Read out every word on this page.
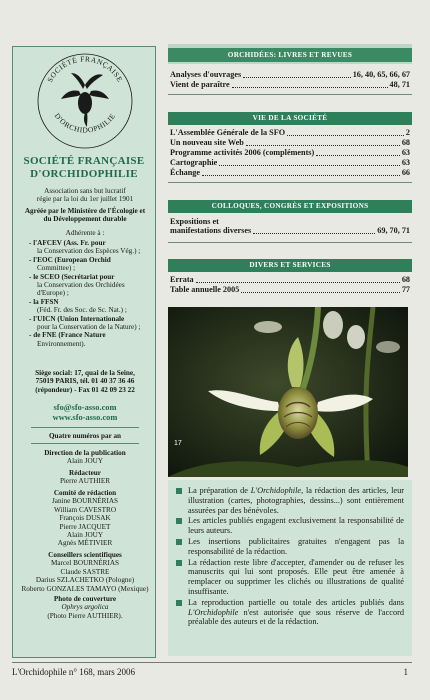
SOCIÉTÉ FRANÇAISE
D'ORCHIDOPHILIE
SOCIÉTÉ FRANÇAISE
D'ORCHIDOPHILIE
Association sans but lucratif
régie par la loi du 1er juillet 1901
Agréée par le Ministère de l'Écologie et
du Développement durable
Adhérente à :
- l'AFCEV (Ass. Fr. pour
la Conservation des Espèces Vég.) ;
- l'EOC (European Orchid
Committee) ;
- le SCEO (Secrétariat pour
la Conservation des Orchidées
d'Europe) ;
- la FFSN
(Féd. Fr. des Soc. de Sc. Nat.) ;
- l'UICN (Union Internationale
pour la Conservation de la Nature) ;
- de FNE (France Nature
Environnement).
Siège social: 17, quai de la Seine,
75019 PARIS, tél. 01 40 37 36 46
(répondeur) - Fax 01 42 09 23 22
sfo@sfo-asso.com
www.sfo-asso.com
Quatre numéros par an
Direction de la publication
Alain JOUY
Rédacteur
Pierre AUTHIER
Comité de rédaction
Janine BOURNÉRIAS
William CAVESTRO
François DUSAK
Pierre JACQUET
Alain JOUY
Agnès MÉTIVIER
Conseillers scientifiques
Marcel BOURNÉRIAS
Claude SASTRE
Darius SZLACHETKO (Pologne)
Roberto GONZALES TAMAYO (Mexique)
Photo de couverture
Ophrys argolica
(Photo Pierre AUTHIER).
ORCHIDÉES: LIVRES ET REVUES
Analyses d'ouvrages	16, 40, 65, 66, 67
Vient de paraître	48, 71
VIE DE LA SOCIÉTÉ
L'Assemblée Générale de la SFO	2
Un nouveau site Web	68
Programme activités 2006 (compléments)	63
Cartographie	63
Échange	66
COLLOQUES, CONGRÈS ET EXPOSITIONS
Expositions et
manifestations diverses	69, 70, 71
DIVERS ET SERVICES
Errata	68
Table annuelle 2005	77
17
La préparation de L'Orchidophile, la rédaction des articles, leur illustration (cartes, photographies, dessins...) sont entièrement assurées par des bénévoles.
Les articles publiés engagent exclusivement la responsabilité de leurs auteurs.
Les insertions publicitaires gratuites n'engagent pas la responsabilité de la rédaction.
La rédaction reste libre d'accepter, d'amender ou de refuser les manuscrits qui lui sont proposés. Elle peut être amenée à remplacer ou supprimer les clichés ou illustrations de qualité insuffisante.
La reproduction partielle ou totale des articles publiés dans L'Orchidophile n'est autorisée que sous réserve de l'accord préalable des auteurs et de la rédaction.
L'Orchidophile n° 168, mars 2006	1
